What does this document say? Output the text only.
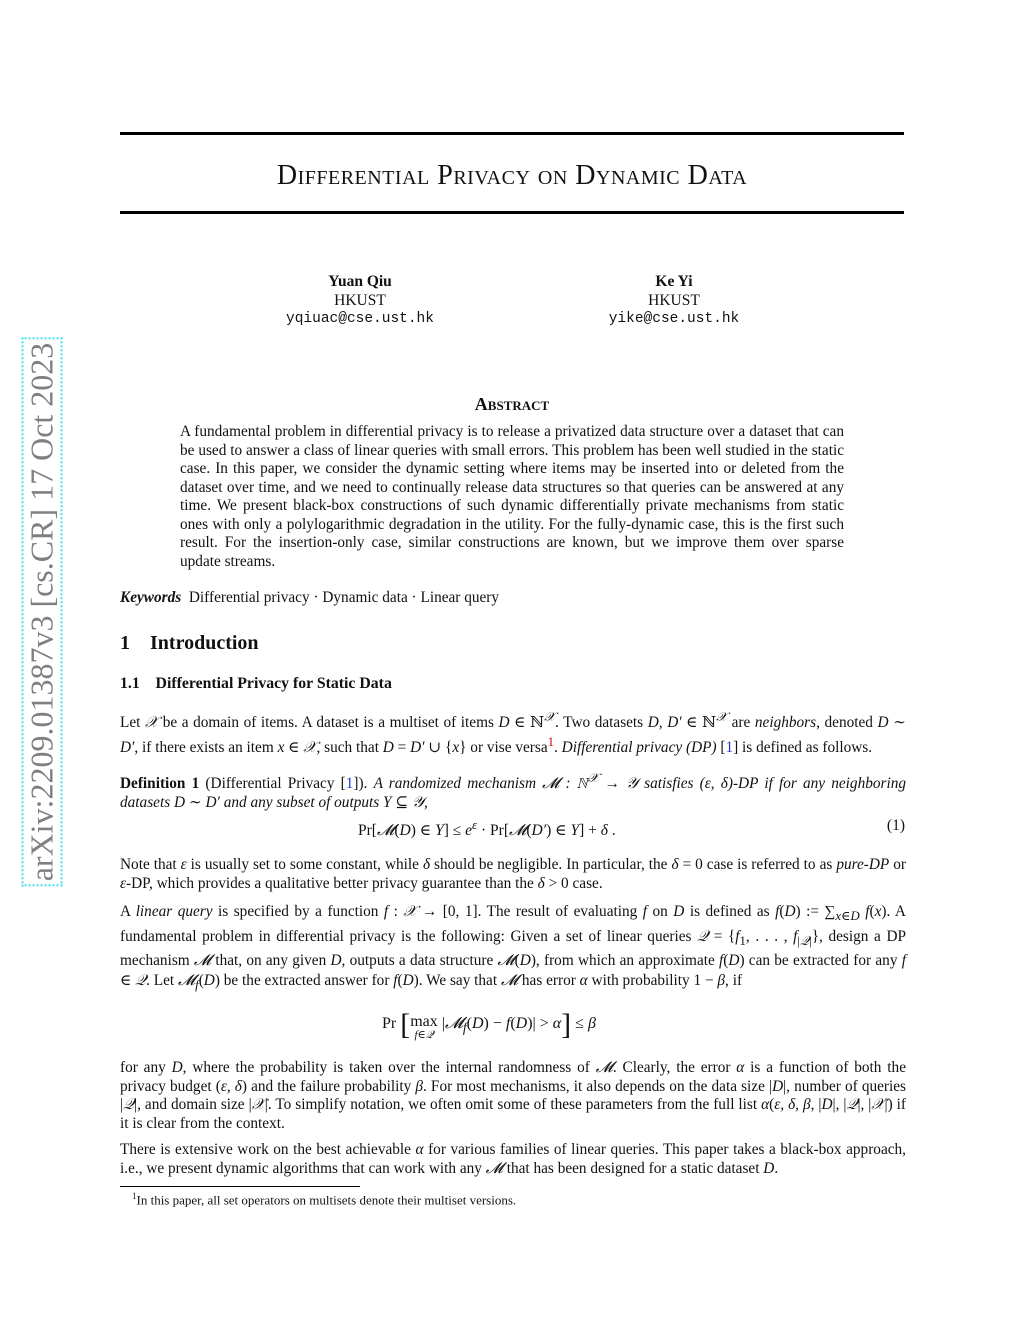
arXiv:2209.01387v3 [cs.CR] 17 Oct 2023
Differential Privacy on Dynamic Data
Yuan Qiu
HKUST
yqiuac@cse.ust.hk
Ke Yi
HKUST
yike@cse.ust.hk
Abstract
A fundamental problem in differential privacy is to release a privatized data structure over a dataset that can be used to answer a class of linear queries with small errors. This problem has been well studied in the static case. In this paper, we consider the dynamic setting where items may be inserted into or deleted from the dataset over time, and we need to continually release data structures so that queries can be answered at any time. We present black-box constructions of such dynamic differentially private mechanisms from static ones with only a polylogarithmic degradation in the utility. For the fully-dynamic case, this is the first such result. For the insertion-only case, similar constructions are known, but we improve them over sparse update streams.
Keywords Differential privacy · Dynamic data · Linear query
1 Introduction
1.1 Differential Privacy for Static Data
Let 𝒳 be a domain of items. A dataset is a multiset of items D ∈ ℕ$^𝒳$. Two datasets D, D′ ∈ ℕ$^𝒳$ are neighbors, denoted D ∼ D′, if there exists an item x ∈ 𝒳, such that D = D′ ∪ {x} or vise versa$^1$. Differential privacy (DP) [1] is defined as follows.
Definition 1 (Differential Privacy [1]). A randomized mechanism 𝓜 : ℕ$^𝒳$ → 𝒴 satisfies (ε, δ)-DP if for any neighboring datasets D ∼ D′ and any subset of outputs Y ⊆ 𝒴,
Pr[𝓜(D) ∈ $Y] \le e^\varepsilon$ · Pr[𝓜(D′) ∈ Y] + δ .	(1)
Note that ε is usually set to some constant, while δ should be negligible. In particular, the δ = 0 case is referred to as pure-DP or ε-DP, which provides a qualitative better privacy guarantee than the δ > 0 case.
A linear query is specified by a function f : 𝒳 → [0, 1]. The result of evaluating f on D is defined as f(D) := $\sum_{x\in D}$ f(x). A fundamental problem in differential privacy is the following: Given a set of linear queries 𝒬 = {$f_1$, . . . , $f_{|𝒬|}$}, design a DP mechanism 𝓜 that, on any given D, outputs a data structure 𝓜(D), from which an approximate f(D) can be extracted for any f ∈ 𝒬. Let 𝓜$_f$(D) be the extracted answer for f(D). We say that 𝓜 has error α with probability 1 − β, if
Pr [max
f∈𝒬 |𝓜$_f$(D) − f(D)| > α] ≤ β
for any D, where the probability is taken over the internal randomness of 𝓜. Clearly, the error α is a function of both the privacy budget (ε, δ) and the failure probability β. For most mechanisms, it also depends on the data size |D|, number of queries |𝒬|, and domain size |𝒳|. To simplify notation, we often omit some of these parameters from the full list α(ε, δ, β, |D|, |𝒬|, |𝒳|) if it is clear from the context.
There is extensive work on the best achievable α for various families of linear queries. This paper takes a black-box approach, i.e., we present dynamic algorithms that can work with any 𝓜 that has been designed for a static dataset D.
$^1$In this paper, all set operators on multisets denote their multiset versions.
